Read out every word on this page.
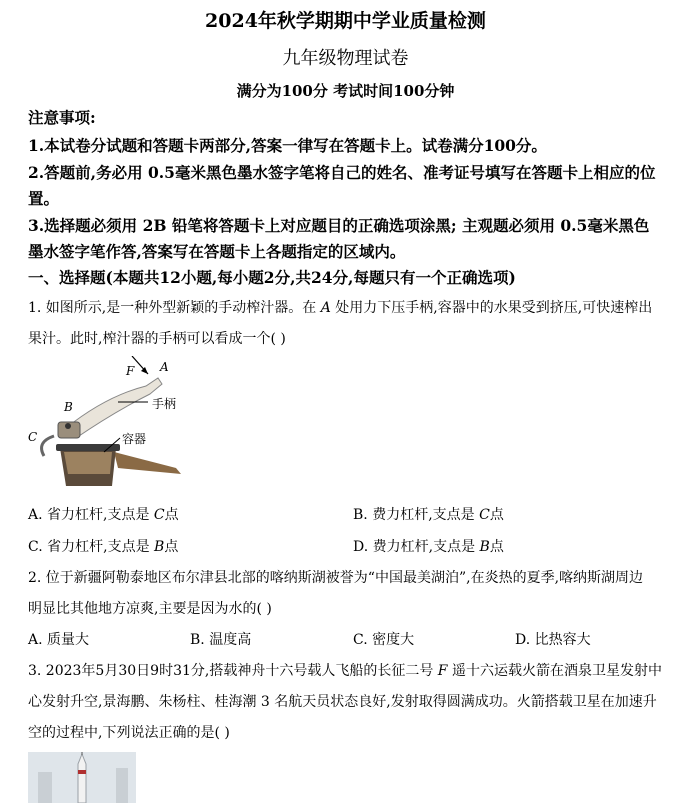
2024年秋学期期中学业质量检测
九年级物理试卷
满分为100分 考试时间100分钟
注意事项:
1.本试卷分试题和答题卡两部分,答案一律写在答题卡上。试卷满分100分。
2.答题前,务必用 0.5毫米黑色墨水签字笔将自己的姓名、准考证号填写在答题卡上相应的位
置。
3.选择题必须用 2B 铅笔将答题卡上对应题目的正确选项涂黑; 主观题必须用 0.5毫米黑色
墨水签字笔作答,答案写在答题卡上各题指定的区域内。
一、选择题(本题共12小题,每小题2分,共24分,每题只有一个正确选项)
1. 如图所示,是一种外型新颖的手动榨汁器。在 A 处用力下压手柄,容器中的水果受到挤压,可快速榨出
果汁。此时,榨汁器的手柄可以看成一个( )
F A
B
C
手柄
容器
A. 省力杠杆,支点是 C点	B. 费力杠杆,支点是 C点
C. 省力杠杆,支点是 B点	D. 费力杠杆,支点是 B点
2. 位于新疆阿勒泰地区布尔津县北部的喀纳斯湖被誉为“中国最美湖泊”,在炎热的夏季,喀纳斯湖周边
明显比其他地方凉爽,主要是因为水的( )
A. 质量大	B. 温度高	C. 密度大	D. 比热容大
3. 2023年5月30日9时31分,搭载神舟十六号载人飞船的长征二号 F 遥十六运载火箭在酒泉卫星发射中
心发射升空,景海鹏、朱杨柱、桂海潮 3 名航天员状态良好,发射取得圆满成功。火箭搭载卫星在加速升
空的过程中,下列说法正确的是( )
